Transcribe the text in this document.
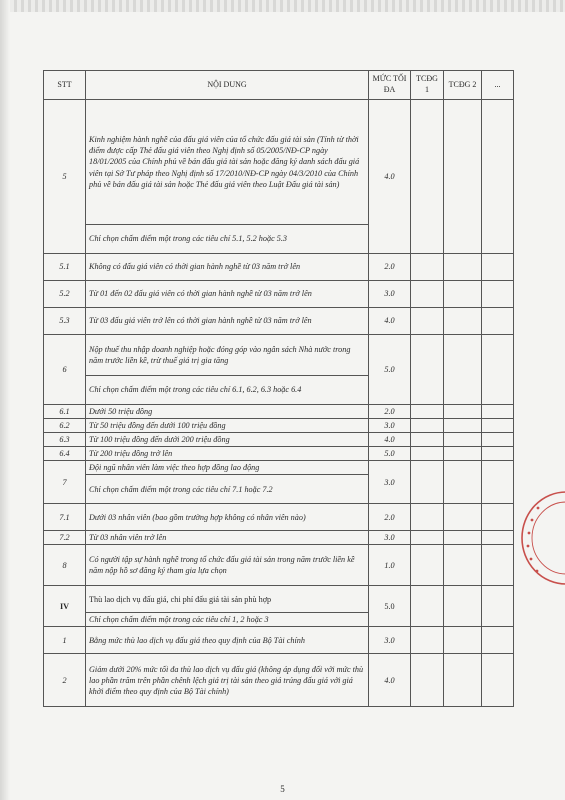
STT	NỘI DUNG	MỨC TỐI ĐA	TCĐG 1	TCĐG 2	...
5	Kinh nghiệm hành nghề của đấu giá viên của tổ chức đấu giá tài sản (Tính từ thời điểm được cấp Thẻ đấu giá viên theo Nghị định số 05/2005/NĐ-CP ngày 18/01/2005 của Chính phủ về bán đấu giá tài sản hoặc đăng ký danh sách đấu giá viên tại Sở Tư pháp theo Nghị định số 17/2010/NĐ-CP ngày 04/3/2010 của Chính phủ về bán đấu giá tài sản hoặc Thẻ đấu giá viên theo Luật Đấu giá tài sản)	4.0			
	Chỉ chọn chấm điểm một trong các tiêu chí 5.1, 5.2 hoặc 5.3				
5.1	Không có đấu giá viên có thời gian hành nghề từ 03 năm trở lên	2.0			
5.2	Từ 01 đến 02 đấu giá viên có thời gian hành nghề từ 03 năm trở lên	3.0			
5.3	Từ 03 đấu giá viên trở lên có thời gian hành nghề từ 03 năm trở lên	4.0			
6	Nộp thuế thu nhập doanh nghiệp hoặc đóng góp vào ngân sách Nhà nước trong năm trước liền kề, trừ thuế giá trị gia tăng	5.0			
	Chỉ chọn chấm điểm một trong các tiêu chí 6.1, 6.2, 6.3 hoặc 6.4				
6.1	Dưới 50 triệu đồng	2.0			
6.2	Từ 50 triệu đồng đến dưới 100 triệu đồng	3.0			
6.3	Từ 100 triệu đồng đến dưới 200 triệu đồng	4.0			
6.4	Từ 200 triệu đồng trở lên	5.0			
7	Đội ngũ nhân viên làm việc theo hợp đồng lao động	3.0			
	Chỉ chọn chấm điểm một trong các tiêu chí 7.1 hoặc 7.2				
7.1	Dưới 03 nhân viên (bao gồm trường hợp không có nhân viên nào)	2.0			
7.2	Từ 03 nhân viên trở lên	3.0			
8	Có người tập sự hành nghề trong tổ chức đấu giá tài sản trong năm trước liền kề năm nộp hồ sơ đăng ký tham gia lựa chọn	1.0			
IV	Thù lao dịch vụ đấu giá, chi phí đấu giá tài sản phù hợp	5.0			
	Chỉ chọn chấm điểm một trong các tiêu chí 1, 2 hoặc 3				
1	Bằng mức thù lao dịch vụ đấu giá theo quy định của Bộ Tài chính	3.0			
2	Giảm dưới 20% mức tối đa thù lao dịch vụ đấu giá (không áp dụng đối với mức thù lao phần trăm trên phần chênh lệch giá trị tài sản theo giá trúng đấu giá với giá khởi điểm theo quy định của Bộ Tài chính)	4.0			
5
